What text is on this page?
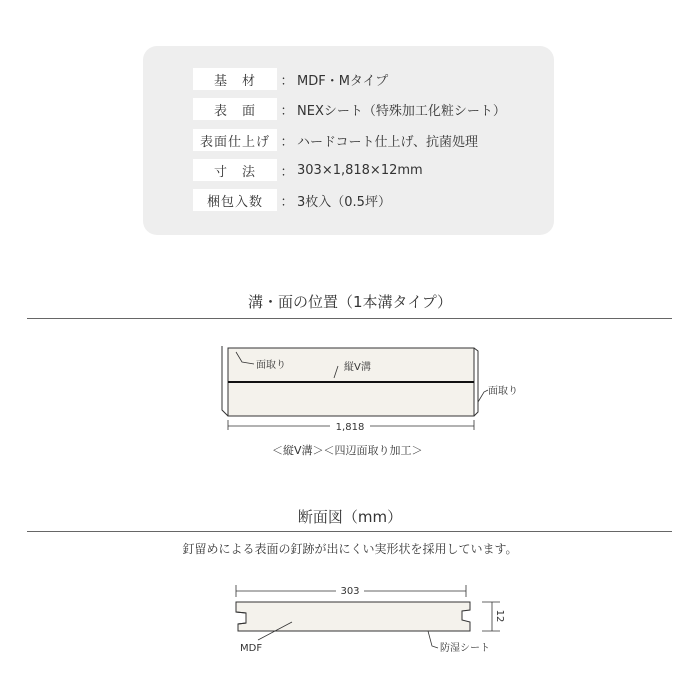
基　材	： MDF・Mタイプ
表　面	： NEXシート（特殊加工化粧シート）
表面仕上げ ： ハードコート仕上げ、抗菌処理
寸　法	： 303×1,818×12mm
梱包入数	： 3枚入（0.5坪）
溝・面の位置（1本溝タイプ）
面取り	縦V溝
面取り
1,818
＜縦V溝＞＜四辺面取り加工＞
断面図（mm）
釘留めによる表面の釘跡が出にくい実形状を採用しています。
303
12
MDF	防湿シート
